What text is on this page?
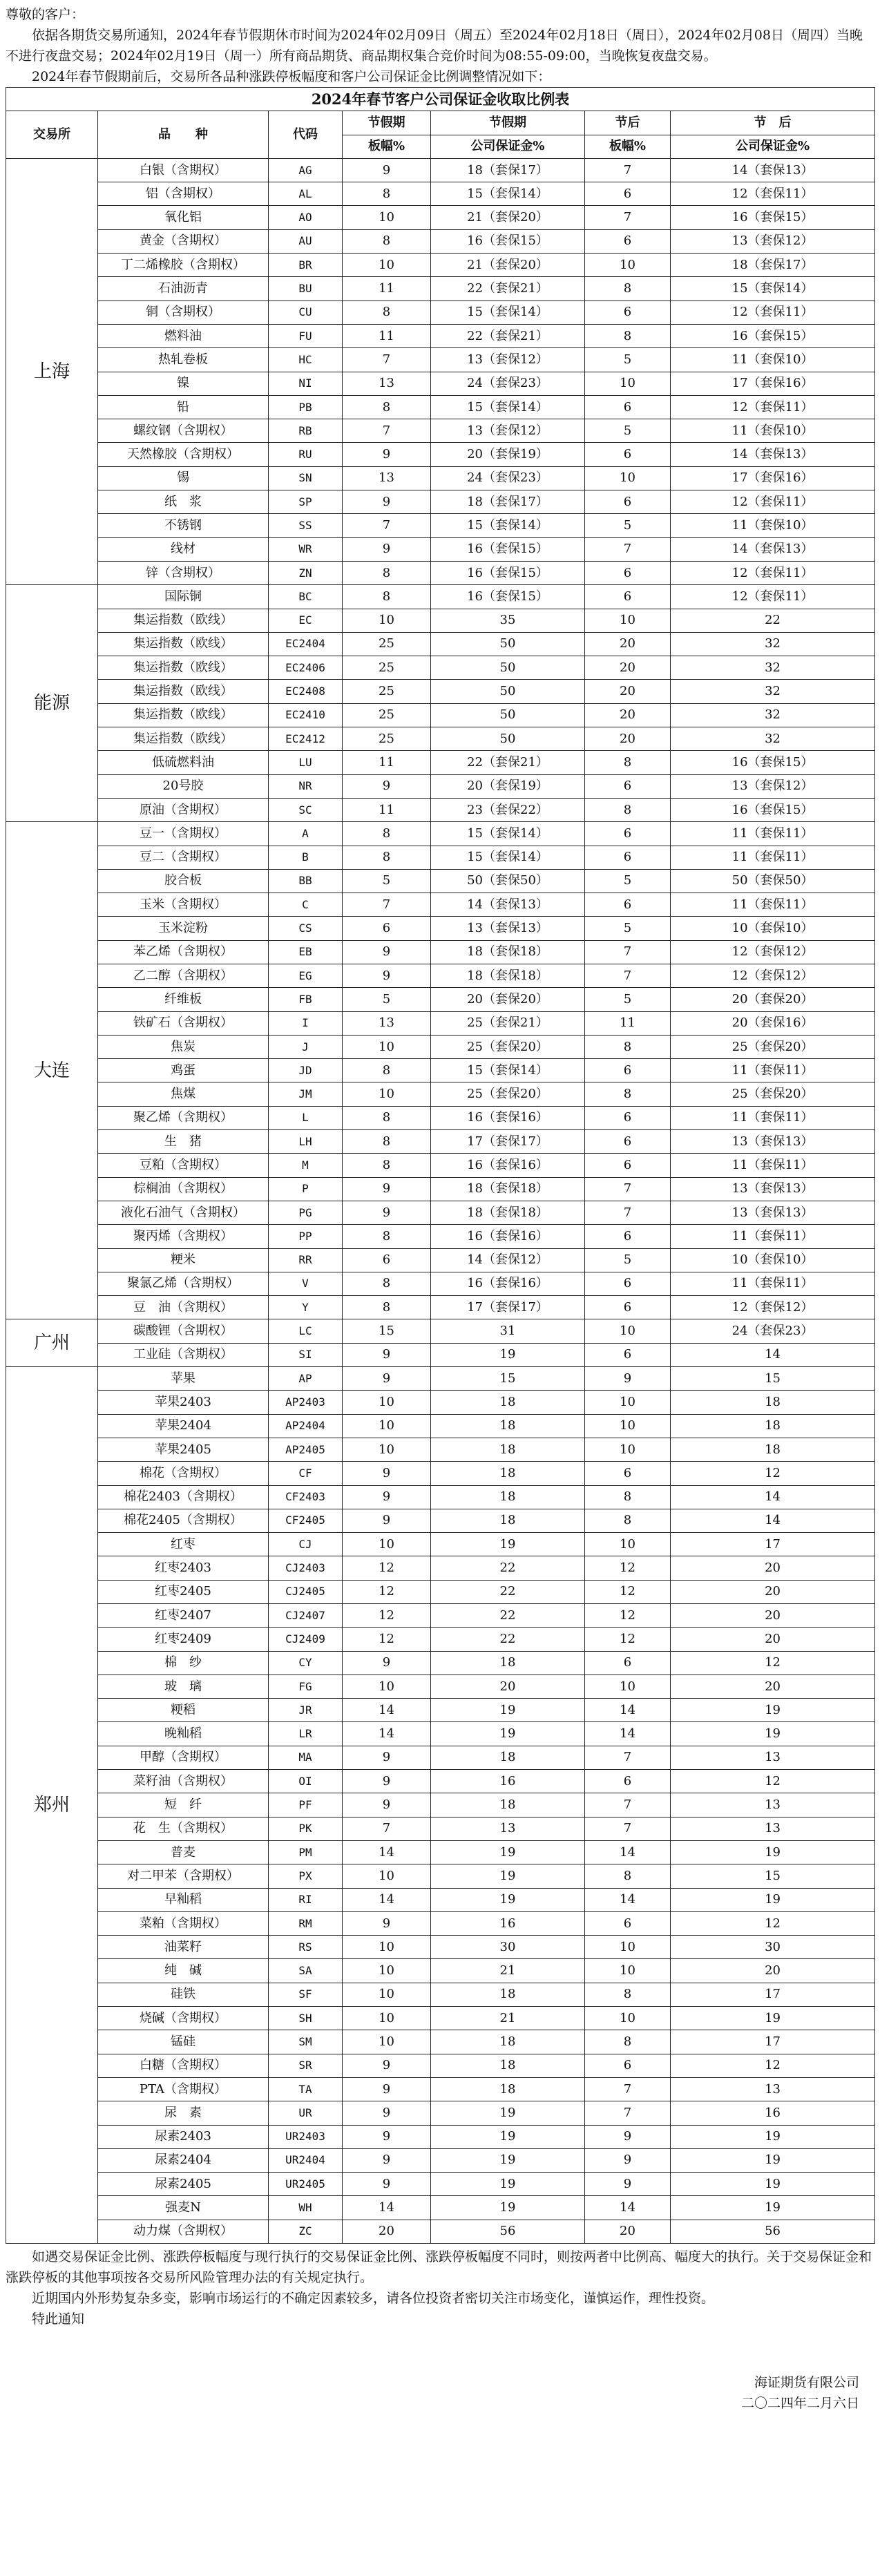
尊敬的客户：

依据各期货交易所通知，2024年春节假期休市时间为2024年02月09日（周五）至2024年02月18日（周日），2024年02月08日（周四）当晚不进行夜盘交易；2024年02月19日（周一）所有商品期货、商品期权集合竞价时间为08:55-09:00，当晚恢复夜盘交易。

2024年春节假期前后，交易所各品种涨跌停板幅度和客户公司保证金比例调整情况如下：

2024年春节客户公司保证金收取比例表						
交易所	品　　种	代码	节假期	节假期	节后	节　后
			板幅%	公司保证金%	板幅%	公司保证金%
上海	白银（含期权）	AG	9	18（套保17）	7	14（套保13）
	铝（含期权）	AL	8	15（套保14）	6	12（套保11）
	氧化铝	AO	10	21（套保20）	7	16（套保15）
	黄金（含期权）	AU	8	16（套保15）	6	13（套保12）
	丁二烯橡胶（含期权）	BR	10	21（套保20）	10	18（套保17）
	石油沥青	BU	11	22（套保21）	8	15（套保14）
	铜（含期权）	CU	8	15（套保14）	6	12（套保11）
	燃料油	FU	11	22（套保21）	8	16（套保15）
	热轧卷板	HC	7	13（套保12）	5	11（套保10）
	镍	NI	13	24（套保23）	10	17（套保16）
	铅	PB	8	15（套保14）	6	12（套保11）
	螺纹钢（含期权）	RB	7	13（套保12）	5	11（套保10）
	天然橡胶（含期权）	RU	9	20（套保19）	6	14（套保13）
	锡	SN	13	24（套保23）	10	17（套保16）
	纸　浆	SP	9	18（套保17）	6	12（套保11）
	不锈钢	SS	7	15（套保14）	5	11（套保10）
	线材	WR	9	16（套保15）	7	14（套保13）
	锌（含期权）	ZN	8	16（套保15）	6	12（套保11）
能源	国际铜	BC	8	16（套保15）	6	12（套保11）
	集运指数（欧线）	EC	10	35	10	22
	集运指数（欧线）	EC2404	25	50	20	32
	集运指数（欧线）	EC2406	25	50	20	32
	集运指数（欧线）	EC2408	25	50	20	32
	集运指数（欧线）	EC2410	25	50	20	32
	集运指数（欧线）	EC2412	25	50	20	32
	低硫燃料油	LU	11	22（套保21）	8	16（套保15）
	20号胶	NR	9	20（套保19）	6	13（套保12）
	原油（含期权）	SC	11	23（套保22）	8	16（套保15）
大连	豆一（含期权）	A	8	15（套保14）	6	11（套保11）
	豆二（含期权）	B	8	15（套保14）	6	11（套保11）
	胶合板	BB	5	50（套保50）	5	50（套保50）
	玉米（含期权）	C	7	14（套保13）	6	11（套保11）
	玉米淀粉	CS	6	13（套保13）	5	10（套保10）
	苯乙烯（含期权）	EB	9	18（套保18）	7	12（套保12）
	乙二醇（含期权）	EG	9	18（套保18）	7	12（套保12）
	纤维板	FB	5	20（套保20）	5	20（套保20）
	铁矿石（含期权）	I	13	25（套保21）	11	20（套保16）
	焦炭	J	10	25（套保20）	8	25（套保20）
	鸡蛋	JD	8	15（套保14）	6	11（套保11）
	焦煤	JM	10	25（套保20）	8	25（套保20）
	聚乙烯（含期权）	L	8	16（套保16）	6	11（套保11）
	生　猪	LH	8	17（套保17）	6	13（套保13）
	豆粕（含期权）	M	8	16（套保16）	6	11（套保11）
	棕榈油（含期权）	P	9	18（套保18）	7	13（套保13）
	液化石油气（含期权）	PG	9	18（套保18）	7	13（套保13）
	聚丙烯（含期权）	PP	8	16（套保16）	6	11（套保11）
	粳米	RR	6	14（套保12）	5	10（套保10）
	聚氯乙烯（含期权）	V	8	16（套保16）	6	11（套保11）
	豆　油（含期权）	Y	8	17（套保17）	6	12（套保12）
广州	碳酸锂（含期权）	LC	15	31	10	24（套保23）
	工业硅（含期权）	SI	9	19	6	14
郑州	苹果	AP	9	15	9	15
	苹果2403	AP2403	10	18	10	18
	苹果2404	AP2404	10	18	10	18
	苹果2405	AP2405	10	18	10	18
	棉花（含期权）	CF	9	18	6	12
	棉花2403（含期权）	CF2403	9	18	8	14
	棉花2405（含期权）	CF2405	9	18	8	14
	红枣	CJ	10	19	10	17
	红枣2403	CJ2403	12	22	12	20
	红枣2405	CJ2405	12	22	12	20
	红枣2407	CJ2407	12	22	12	20
	红枣2409	CJ2409	12	22	12	20
	棉　纱	CY	9	18	6	12
	玻　璃	FG	10	20	10	20
	粳稻	JR	14	19	14	19
	晚籼稻	LR	14	19	14	19
	甲醇（含期权）	MA	9	18	7	13
	菜籽油（含期权）	OI	9	16	6	12
	短　纤	PF	9	18	7	13
	花　生（含期权）	PK	7	13	7	13
	普麦	PM	14	19	14	19
	对二甲苯（含期权）	PX	10	19	8	15
	早籼稻	RI	14	19	14	19
	菜粕（含期权）	RM	9	16	6	12
	油菜籽	RS	10	30	10	30
	纯　碱	SA	10	21	10	20
	硅铁	SF	10	18	8	17
	烧碱（含期权）	SH	10	21	10	19
	锰硅	SM	10	18	8	17
	白糖（含期权）	SR	9	18	6	12
	PTA（含期权）	TA	9	18	7	13
	尿　素	UR	9	19	7	16
	尿素2403	UR2403	9	19	9	19
	尿素2404	UR2404	9	19	9	19
	尿素2405	UR2405	9	19	9	19
	强麦N	WH	14	19	14	19
	动力煤（含期权）	ZC	20	56	20	56

如遇交易保证金比例、涨跌停板幅度与现行执行的交易保证金比例、涨跌停板幅度不同时，则按两者中比例高、幅度大的执行。关于交易保证金和涨跌停板的其他事项按各交易所风险管理办法的有关规定执行。

近期国内外形势复杂多变，影响市场运行的不确定因素较多，请各位投资者密切关注市场变化，谨慎运作，理性投资。

特此通知

海证期货有限公司
二〇二四年二月六日
